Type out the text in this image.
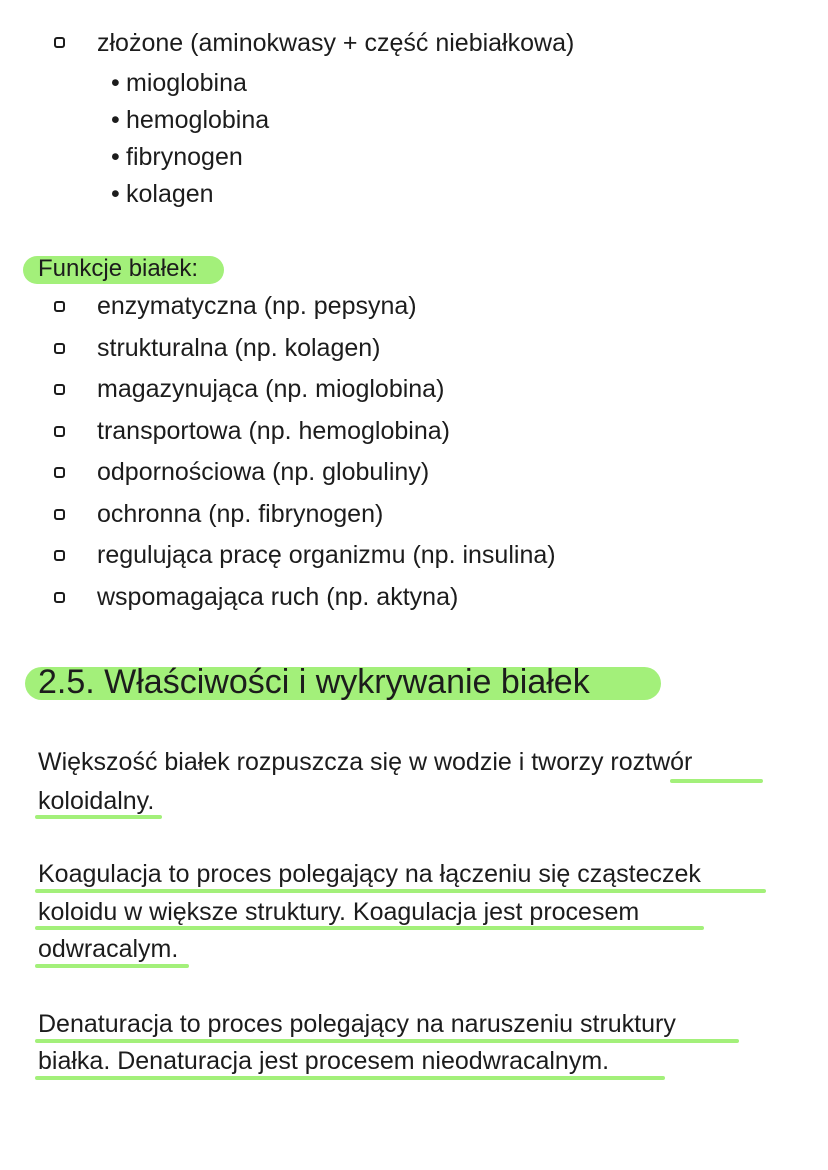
złożone (aminokwasy + część niebiałkowa)
• mioglobina
• hemoglobina
• fibrynogen
• kolagen
Funkcje białek:
enzymatyczna (np. pepsyna)
strukturalna (np. kolagen)
magazynująca (np. mioglobina)
transportowa (np. hemoglobina)
odpornościowa (np. globuliny)
ochronna (np. fibrynogen)
regulująca pracę organizmu (np. insulina)
wspomagająca ruch (np. aktyna)
2.5. Właściwości i wykrywanie białek
Większość białek rozpuszcza się w wodzie i tworzy roztwór
koloidalny.
Koagulacja to proces polegający na łączeniu się cząsteczek
koloidu w większe struktury. Koagulacja jest procesem
odwracalym.
Denaturacja to proces polegający na naruszeniu struktury
białka. Denaturacja jest procesem nieodwracalnym.
